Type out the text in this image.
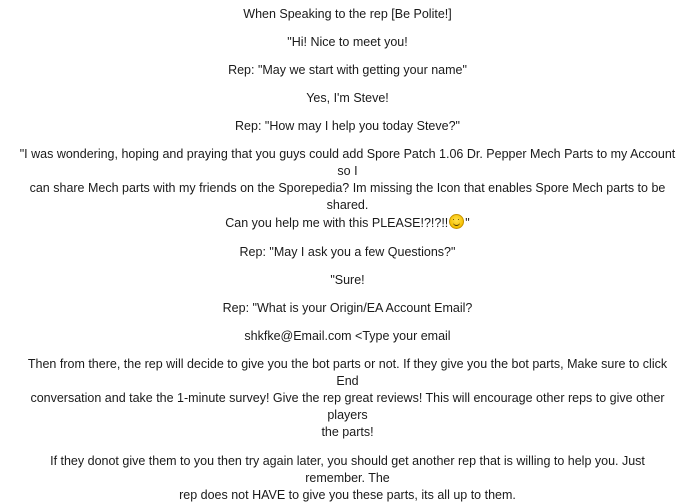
When Speaking to the rep [Be Polite!]

"Hi! Nice to meet you!

Rep: "May we start with getting your name"

Yes, I'm Steve!

Rep: "How may I help you today Steve?"

"I was wondering, hoping and praying that you guys could add Spore Patch 1.06 Dr. Pepper Mech Parts to my Account so I

can share Mech parts with my friends on the Sporepedia? Im missing the Icon that enables Spore Mech parts to be shared.

Can you help me with this PLEASE!?!?!! "

Rep: "May I ask you a few Questions?"

"Sure!

Rep: "What is your Origin/EA Account Email?

shkfke@Email.com <Type your email

Then from there, the rep will decide to give you the bot parts or not. If they give you the bot parts, Make sure to click End

conversation and take the 1-minute survey! Give the rep great reviews! This will encourage other reps to give other players

the parts!

If they donot give them to you then try again later, you should get another rep that is willing to help you. Just remember. The

rep does not HAVE to give you these parts, its all up to them.
